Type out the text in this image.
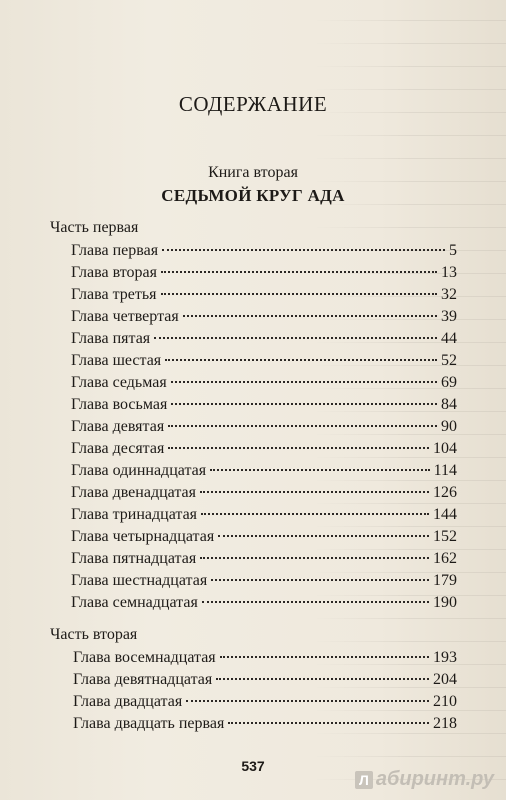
СОДЕРЖАНИЕ
Книга вторая
СЕДЬМОЙ КРУГ АДА
Часть первая
Глава первая	5
Глава вторая	13
Глава третья	32
Глава четвертая	39
Глава пятая	44
Глава шестая	52
Глава седьмая	69
Глава восьмая	84
Глава девятая	90
Глава десятая	104
Глава одиннадцатая	114
Глава двенадцатая	126
Глава тринадцатая	144
Глава четырнадцатая	152
Глава пятнадцатая	162
Глава шестнадцатая	179
Глава семнадцатая	190
Часть вторая
Глава восемнадцатая	193
Глава девятнадцатая	204
Глава двадцатая	210
Глава двадцать первая	218
537
Л абиринт.ру
